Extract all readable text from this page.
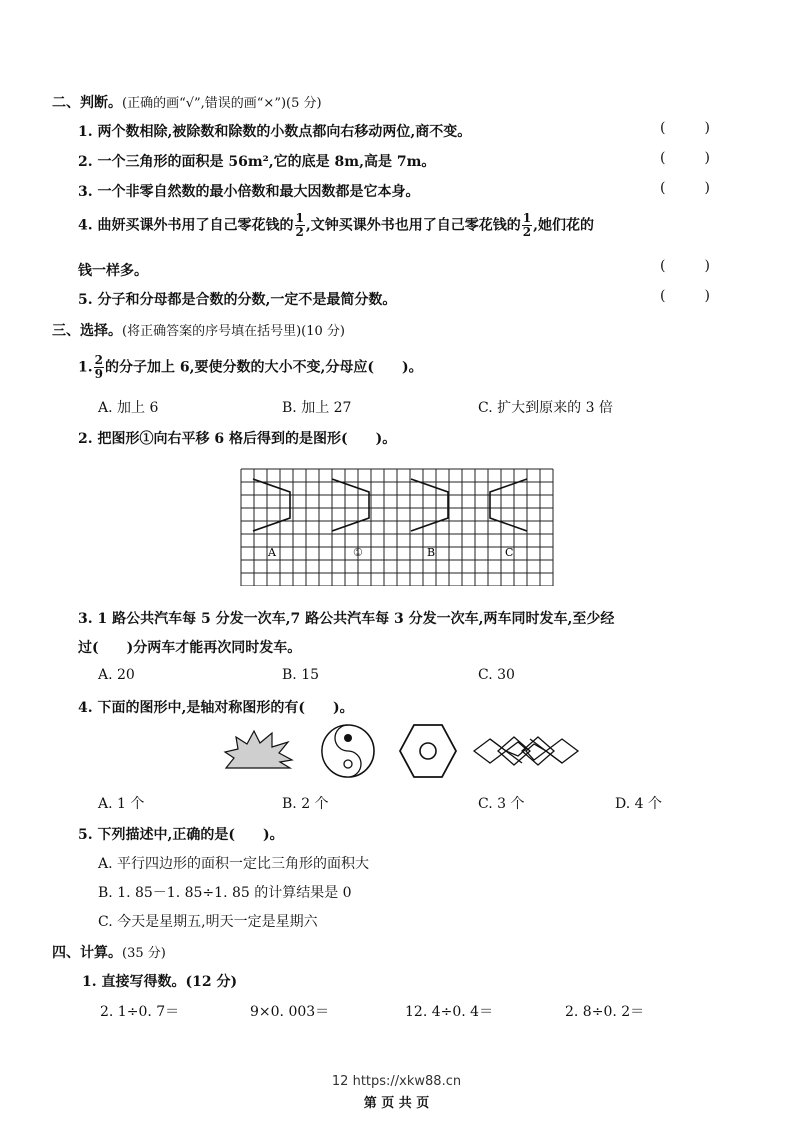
二、判断。(正确的画“√”,错误的画“×”)(5 分)
1. 两个数相除,被除数和除数的小数点都向右移动两位,商不变。	(	)
2. 一个三角形的面积是 56m²,它的底是 8m,高是 7m。	(	)
3. 一个非零自然数的最小倍数和最大因数都是它本身。	(	)
4. 曲妍买课外书用了自己零花钱的 $\frac{1}{2}$ ,文钟买课外书也用了自己零花钱的 $\frac{1}{2}$ ,她们花的
钱一样多。	(	)
5. 分子和分母都是合数的分数,一定不是最简分数。	(	)
三、选择。(将正确答案的序号填在括号里)(10 分)
1. $\frac{2}{9}$ 的分子加上 6,要使分数的大小不变,分母应(　　)。
A. 加上 6	B. 加上 27	C. 扩大到原来的 3 倍
2. 把图形①向右平移 6 格后得到的是图形(　　)。
A	①	B	C
3. 1 路公共汽车每 5 分发一次车,7 路公共汽车每 3 分发一次车,两车同时发车,至少经
过(　　)分两车才能再次同时发车。
A. 20	B. 15	C. 30
4. 下面的图形中,是轴对称图形的有(　　)。
A. 1 个	B. 2 个	C. 3 个	D. 4 个
5. 下列描述中,正确的是(　　)。
A. 平行四边形的面积一定比三角形的面积大
B. 1. 85－1. 85÷1. 85 的计算结果是 0
C. 今天是星期五,明天一定是星期六
四、计算。(35 分)
1. 直接写得数。(12 分)
2. 1÷0. 7＝	9×0. 003＝	12. 4÷0. 4＝	2. 8÷0. 2＝
12 https://xkw88.cn
第 页 共 页
